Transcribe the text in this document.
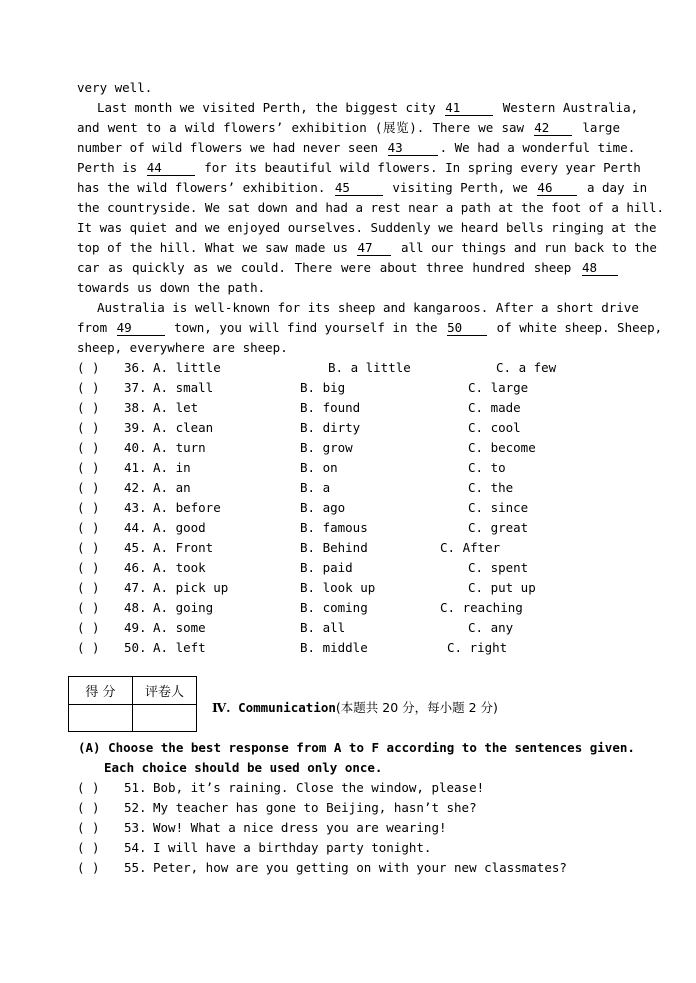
very well.
Last month we visited Perth, the biggest city 41	Western Australia,
and went to a wild flowers’ exhibition (展览). There we saw 42	large
number of wild flowers we had never seen 43	. We had a wonderful time.
Perth is 44	for its beautiful wild flowers. In spring every year Perth
has the wild flowers’ exhibition. 45	visiting Perth, we 46	a day in
the countryside. We sat down and had a rest near a path at the foot of a hill.
It was quiet and we enjoyed ourselves. Suddenly we heard bells ringing at the
top of the hill. What we saw made us 47 all our things and run back to the
car as quickly as we could. There were about three hundred sheep 48
towards us down the path.
Australia is well-known for its sheep and kangaroos. After a short drive
from 49	town, you will find yourself in the 50	of white sheep. Sheep,
sheep, everywhere are sheep.
( ) 36. A. little	B. a little	C. a few
( ) 37. A. small	B. big	C. large
( ) 38. A. let	B. found	C. made
( ) 39. A. clean	B. dirty	C. cool
( ) 40. A. turn	B. grow	C. become
( ) 41. A. in	B. on	C. to
( ) 42. A. an	B. a	C. the
( ) 43. A. before	B. ago	C. since
( ) 44. A. good	B. famous	C. great
( ) 45. A. Front	B. Behind	C. After
( ) 46. A. took	B. paid	C. spent
( ) 47. A. pick up	B. look up	C. put up
( ) 48. A. going	B. coming	C. reaching
( ) 49. A. some	B. all	C. any
( ) 50. A. left	B. middle	C. right
得 分	评卷人

Ⅳ. Communication(本题共 20 分，每小题 2 分)
(A) Choose the best response from A to F according to the sentences given.
Each choice should be used only once.
( ) 51. Bob, it’s raining. Close the window, please!
( ) 52. My teacher has gone to Beijing, hasn’t she?
( ) 53. Wow! What a nice dress you are wearing!
( ) 54. I will have a birthday party tonight.
( ) 55. Peter, how are you getting on with your new classmates?
